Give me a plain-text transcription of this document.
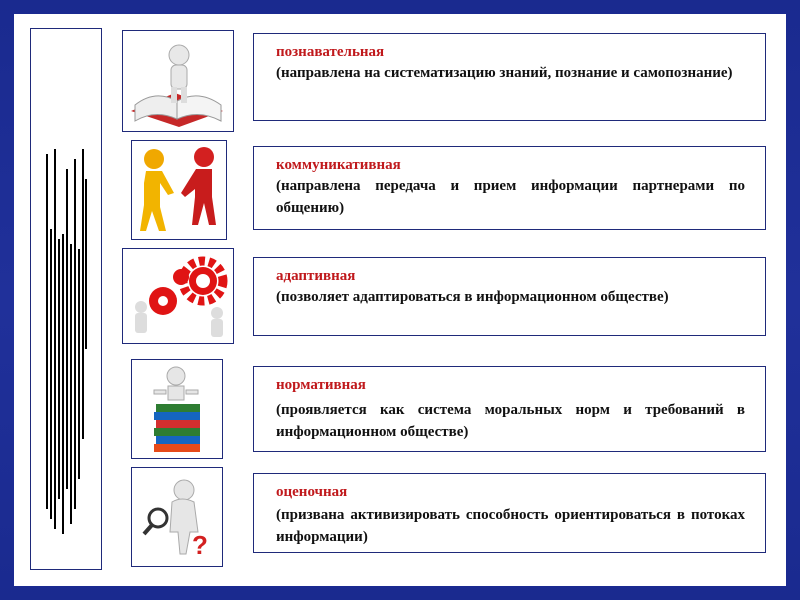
?
познавательная
(направлена на систематизацию знаний, познание и самопознание)
коммуникативная
(направлена передача и прием информации партнерами по общению)
адаптивная
(позволяет адаптироваться в информационном обществе)
нормативная
(проявляется как система моральных норм и требований в информационном обществе)
оценочная
(призвана активизировать способность ориентироваться в потоках информации)
